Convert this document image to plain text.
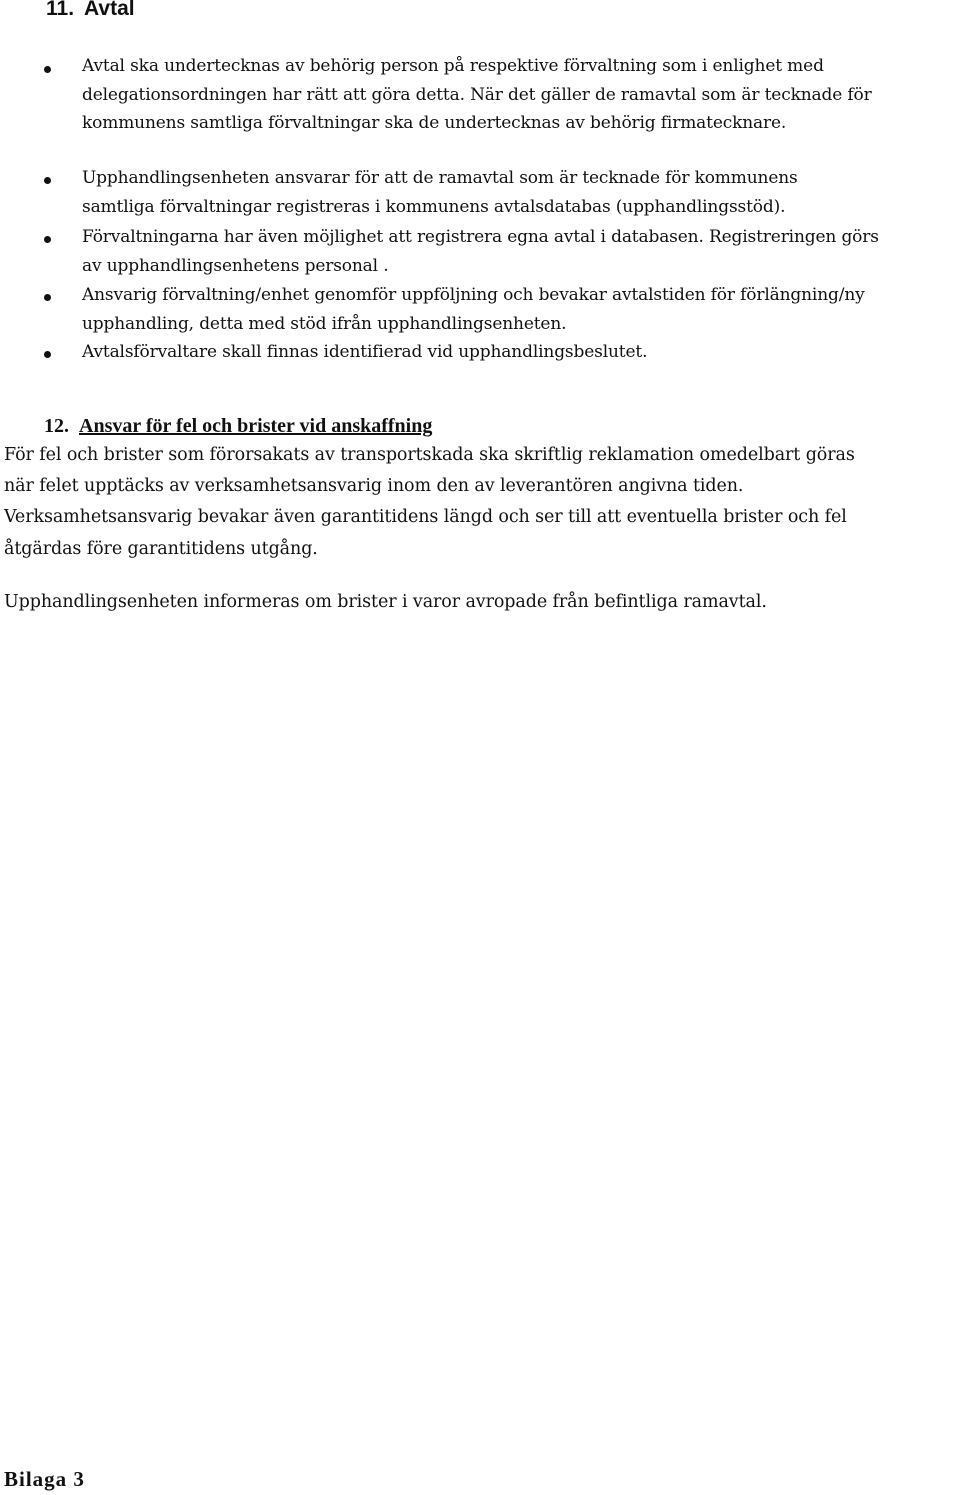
11. Avtal
Avtal ska undertecknas av behörig person på respektive förvaltning som i enlighet med
delegationsordningen har rätt att göra detta. När det gäller de ramavtal som är tecknade för
kommunens samtliga förvaltningar ska de undertecknas av behörig firmatecknare.
Upphandlingsenheten ansvarar för att de ramavtal som är tecknade för kommunens
samtliga förvaltningar registreras i kommunens avtalsdatabas (upphandlingsstöd).
Förvaltningarna har även möjlighet att registrera egna avtal i databasen. Registreringen görs
av upphandlingsenhetens personal .
Ansvarig förvaltning/enhet genomför uppföljning och bevakar avtalstiden för förlängning/ny
upphandling, detta med stöd ifrån upphandlingsenheten.
Avtalsförvaltare skall finnas identifierad vid upphandlingsbeslutet.
12. Ansvar för fel och brister vid anskaffning
För fel och brister som förorsakats av transportskada ska skriftlig reklamation omedelbart göras
när felet upptäcks av verksamhetsansvarig inom den av leverantören angivna tiden.
Verksamhetsansvarig bevakar även garantitidens längd och ser till att eventuella brister och fel
åtgärdas före garantitidens utgång.
Upphandlingsenheten informeras om brister i varor avropade från befintliga ramavtal.
Bilaga 3
